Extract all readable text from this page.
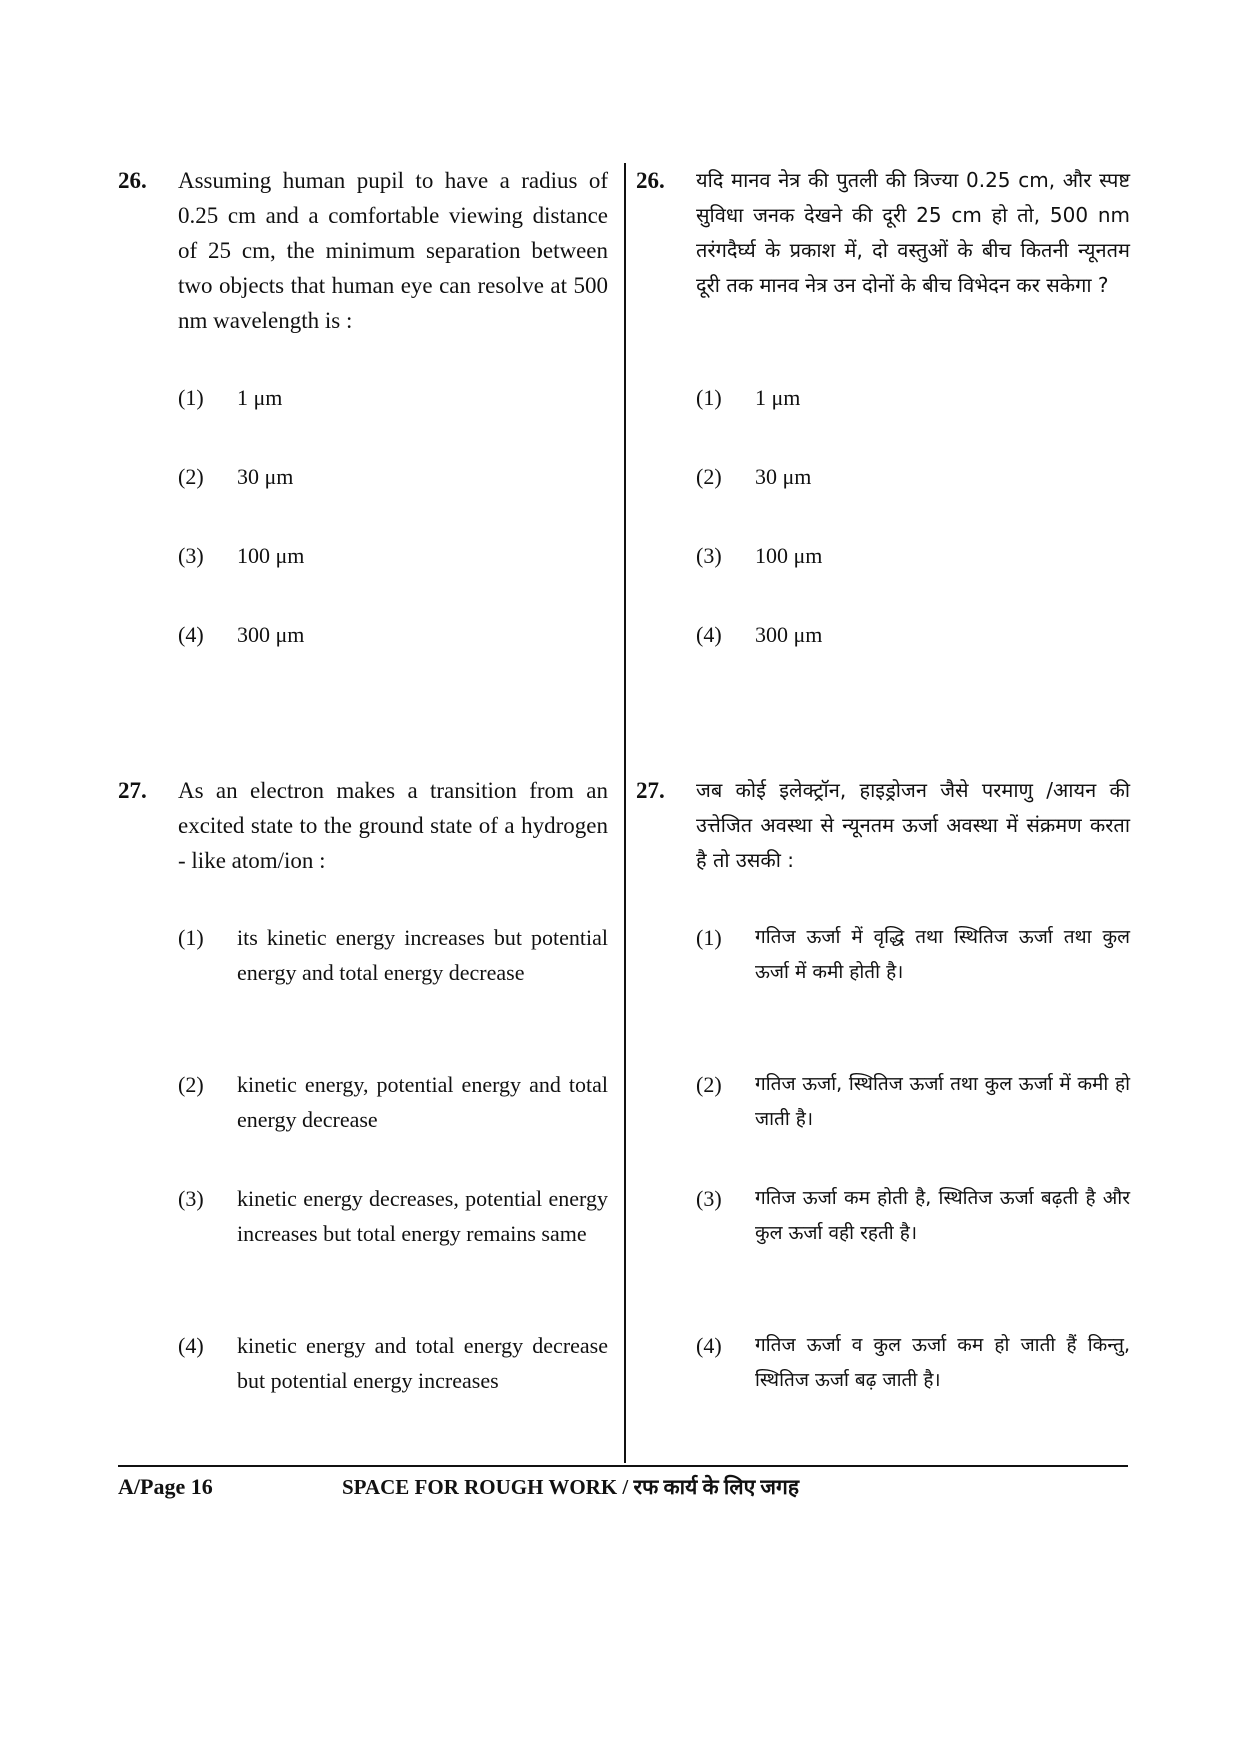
26. Assuming human pupil to have a radius of 0.25 cm and a comfortable viewing distance of 25 cm, the minimum separation between two objects that human eye can resolve at 500 nm wavelength is :
(1) 1 μm
(2) 30 μm
(3) 100 μm
(4) 300 μm
27. As an electron makes a transition from an excited state to the ground state of a hydrogen - like atom/ion :
(1) its kinetic energy increases but potential energy and total energy decrease
(2) kinetic energy, potential energy and total energy decrease
(3) kinetic energy decreases, potential energy increases but total energy remains same
(4) kinetic energy and total energy decrease but potential energy increases
26. यदि मानव नेत्र की पुतली की त्रिज्या 0.25 cm, और स्पष्ट सुविधा जनक देखने की दूरी 25 cm हो तो, 500 nm तरंगदैर्घ्य के प्रकाश में, दो वस्तुओं के बीच कितनी न्यूनतम दूरी तक मानव नेत्र उन दोनों के बीच विभेदन कर सकेगा ?
(1) 1 μm
(2) 30 μm
(3) 100 μm
(4) 300 μm
27. जब कोई इलेक्ट्रॉन, हाइड्रोजन जैसे परमाणु /आयन की उत्तेजित अवस्था से न्यूनतम ऊर्जा अवस्था में संक्रमण करता है तो उसकी :
(1) गतिज ऊर्जा में वृद्धि तथा स्थितिज ऊर्जा तथा कुल ऊर्जा में कमी होती है।
(2) गतिज ऊर्जा, स्थितिज ऊर्जा तथा कुल ऊर्जा में कमी हो जाती है।
(3) गतिज ऊर्जा कम होती है, स्थितिज ऊर्जा बढ़ती है और कुल ऊर्जा वही रहती है।
(4) गतिज ऊर्जा व कुल ऊर्जा कम हो जाती हैं किन्तु, स्थितिज ऊर्जा बढ़ जाती है।
A/Page 16	SPACE FOR ROUGH WORK / रफ कार्य के लिए जगह
